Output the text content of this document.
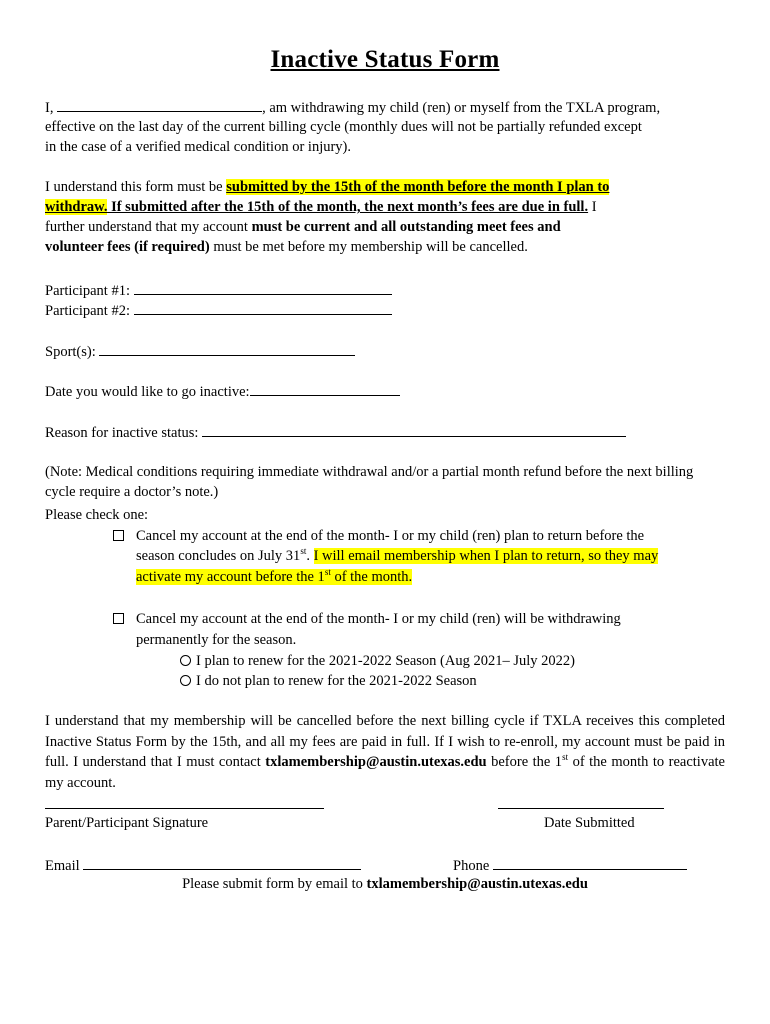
Inactive Status Form
I,	, am withdrawing my child (ren) or myself from the TXLA program,
effective on the last day of the current billing cycle (monthly dues will not be partially refunded except
in the case of a verified medical condition or injury).
I understand this form must be submitted by the 15th of the month before the month I plan to
withdraw. If submitted after the 15th of the month, the next month’s fees are due in full. I
further understand that my account must be current and all outstanding meet fees and
volunteer fees (if required) must be met before my membership will be cancelled.
Participant #1:
Participant #2:
Sport(s):
Date you would like to go inactive:
Reason for inactive status:
(Note: Medical conditions requiring immediate withdrawal and/or a partial month refund before the next billing
cycle require a doctor’s note.)
Please check one:
Cancel my account at the end of the month- I or my child (ren) plan to return before the
season concludes on July 31st. I will email membership when I plan to return, so they may
activate my account before the 1st of the month.
Cancel my account at the end of the month- I or my child (ren) will be withdrawing
permanently for the season.
I plan to renew for the 2021-2022 Season (Aug 2021– July 2022)
I do not plan to renew for the 2021-2022 Season
I understand that my membership will be cancelled before the next billing cycle if TXLA receives this completed Inactive Status Form by the 15th, and all my fees are paid in full. If I wish to re-enroll, my account must be paid in full. I understand that I must contact txlamembership@austin.utexas.edu before the 1st of the month to reactivate my account.
Parent/Participant Signature	Date Submitted
Email	Phone
Please submit form by email to txlamembership@austin.utexas.edu
